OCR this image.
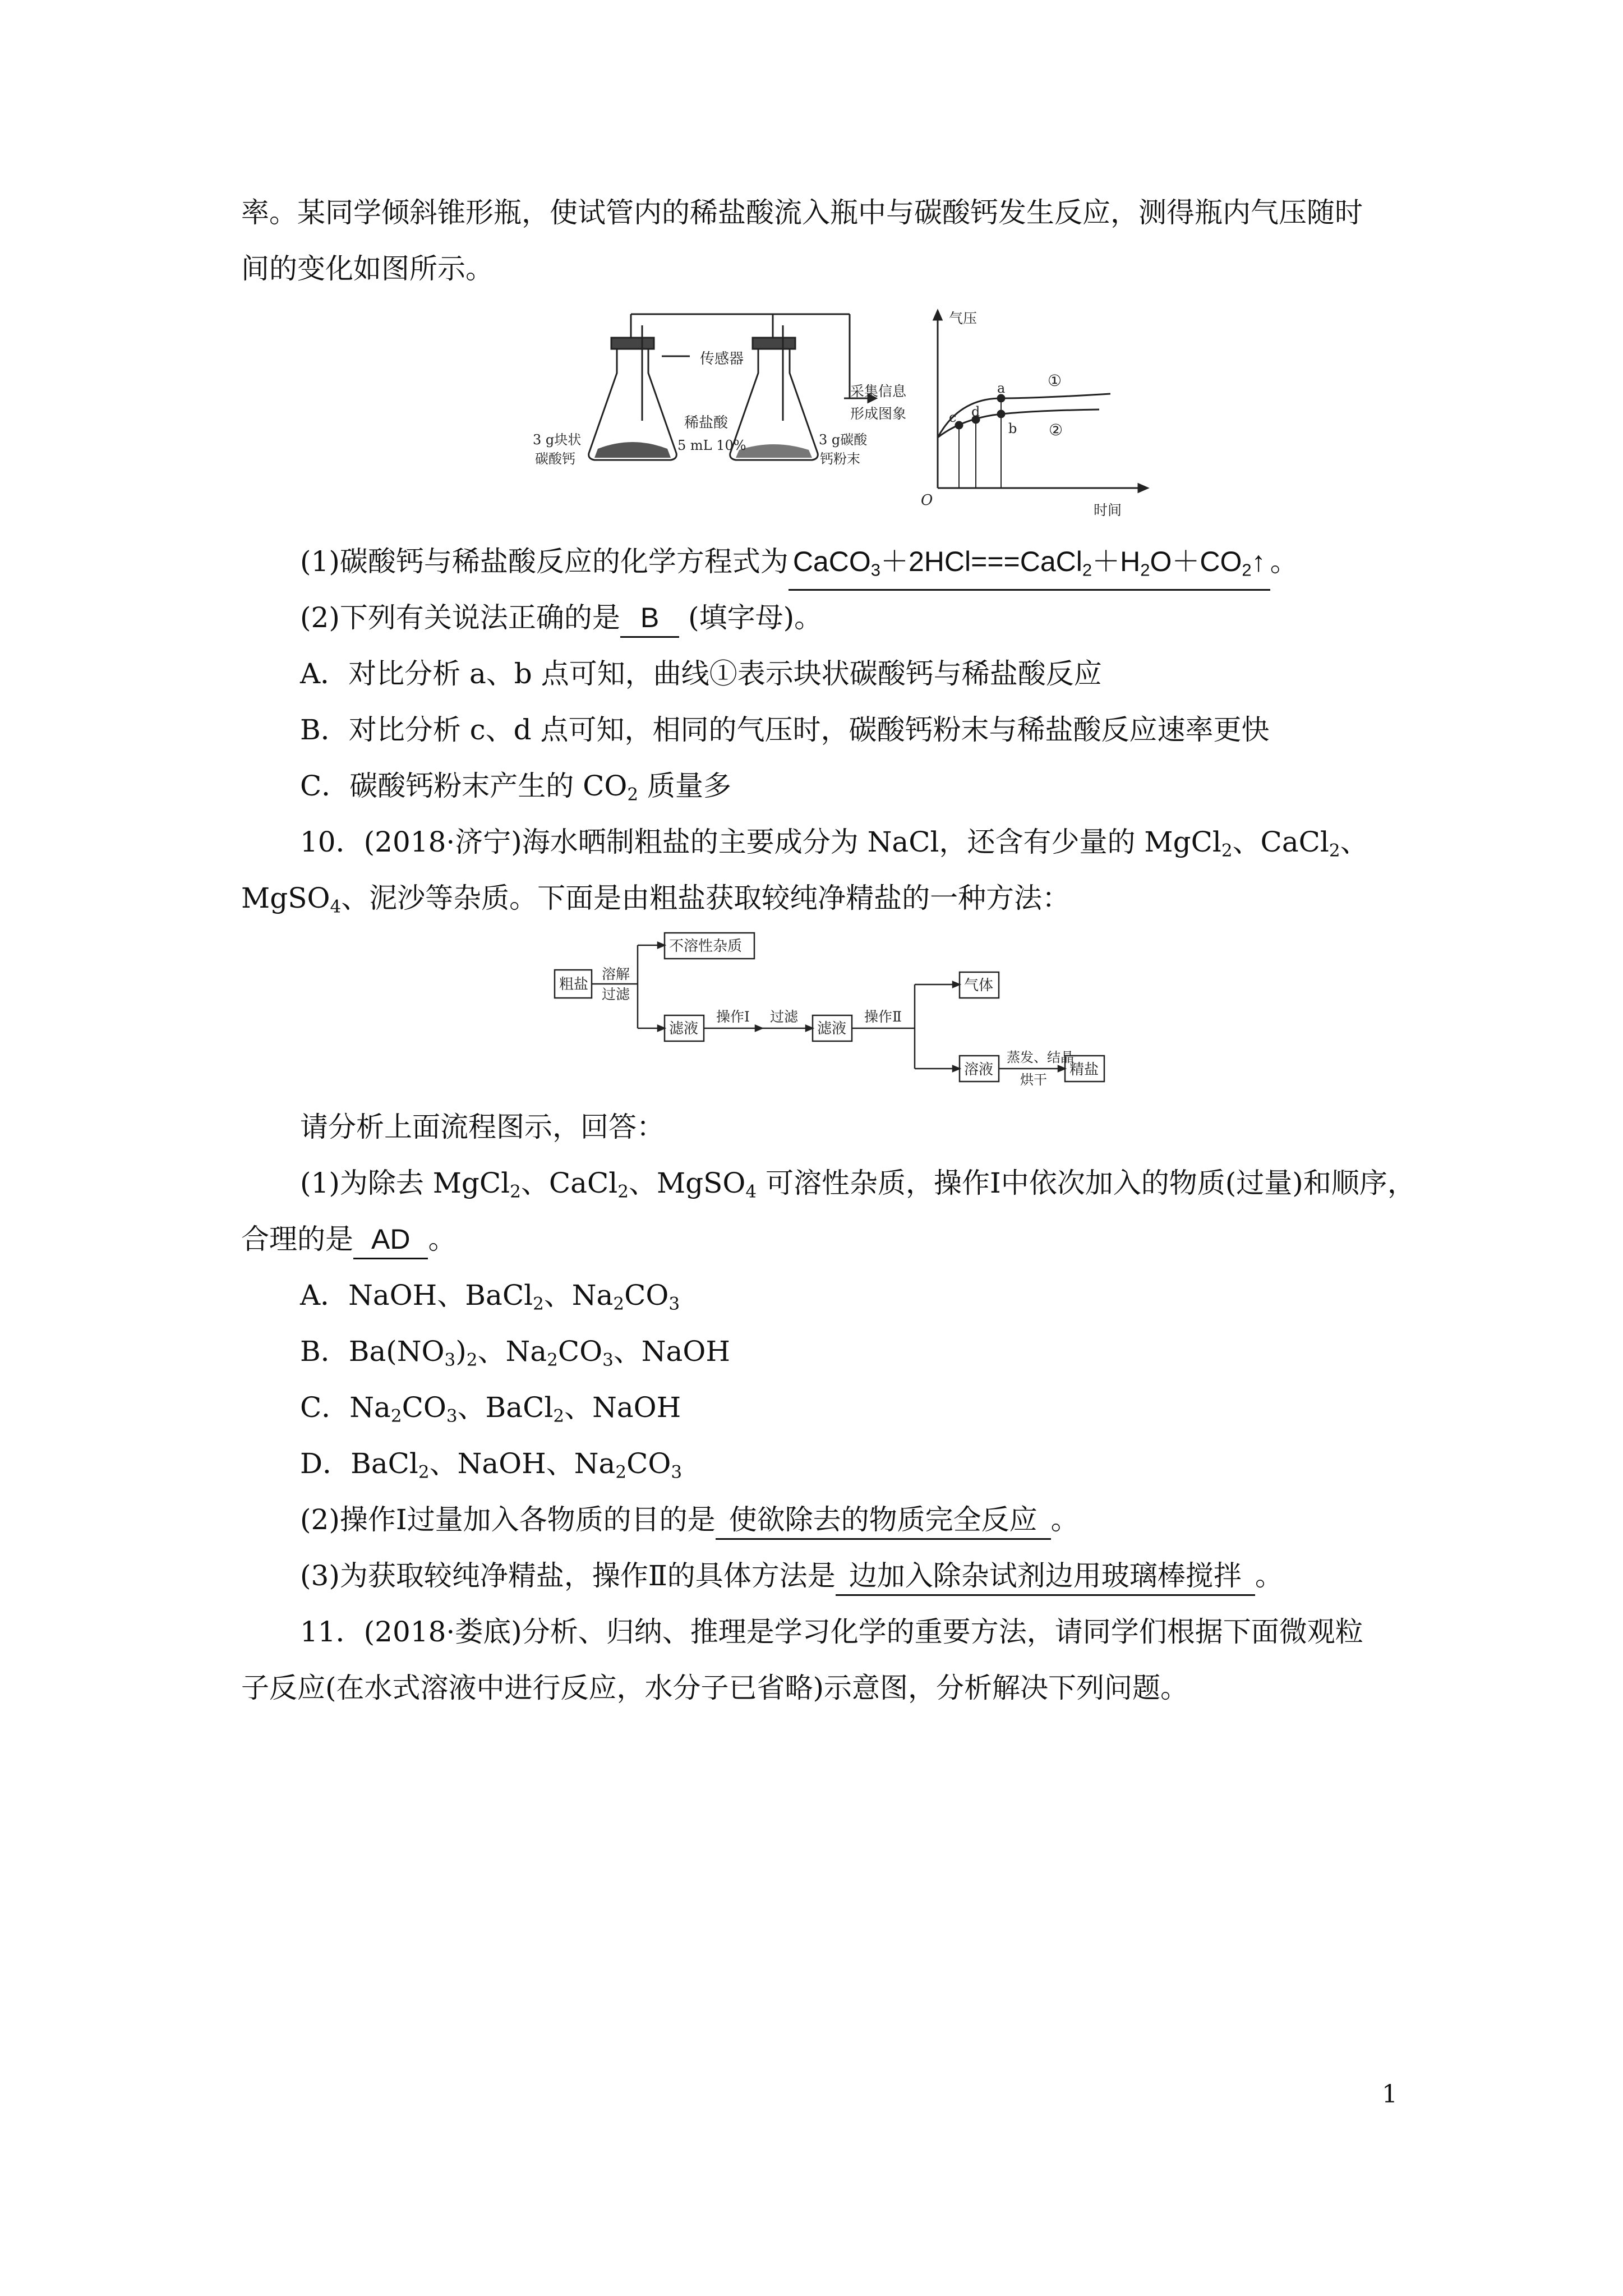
率。某同学倾斜锥形瓶，使试管内的稀盐酸流入瓶中与碳酸钙发生反应，测得瓶内气压随时
间的变化如图所示。
传感器
稀盐酸
5 mL 10%
3 g块状
碳酸钙
3 g碳酸
钙粉末
采集信息
形成图象
气压
时间
O
a
b
c d
①
②
(1)碳酸钙与稀盐酸反应的化学方程式为 $CaCO_3+2HCl===CaCl_2+H_2O+CO_2↑$ 。
(2)下列有关说法正确的是 B (填字母)。
A．对比分析 a、b 点可知，曲线①表示块状碳酸钙与稀盐酸反应
B．对比分析 c、d 点可知，相同的气压时，碳酸钙粉末与稀盐酸反应速率更快
C．碳酸钙粉末产生的 $CO_2$ 质量多
10．(2018·济宁)海水晒制粗盐的主要成分为 NaCl，还含有少量的 MgCl$_2$、CaCl$_2$、
MgSO$_4$、泥沙等杂质。下面是由粗盐获取较纯净精盐的一种方法：
粗盐
溶解
过滤
不溶性杂质
滤液
操作Ⅰ 过滤
滤液
操作Ⅱ
气体
溶液
蒸发、结晶
烘干
精盐
请分析上面流程图示，回答：
(1)为除去 MgCl$_2$、CaCl$_2$、MgSO$_4$ 可溶性杂质，操作Ⅰ中依次加入的物质(过量)和顺序，
合理的是 AD 。
A．NaOH、BaCl$_2$、$Na_2CO_3$
B．$Ba(NO_3)_2$、$Na_2CO_3$、NaOH
C．$Na_2CO_3$、BaCl$_2$、NaOH
D．BaCl$_2$、NaOH、$Na_2CO_3$
(2)操作Ⅰ过量加入各物质的目的是 使欲除去的物质完全反应 。
(3)为获取较纯净精盐，操作Ⅱ的具体方法是 边加入除杂试剂边用玻璃棒搅拌 。
11．(2018·娄底)分析、归纳、推理是学习化学的重要方法，请同学们根据下面微观粒
子反应(在水式溶液中进行反应，水分子已省略)示意图，分析解决下列问题。
1
